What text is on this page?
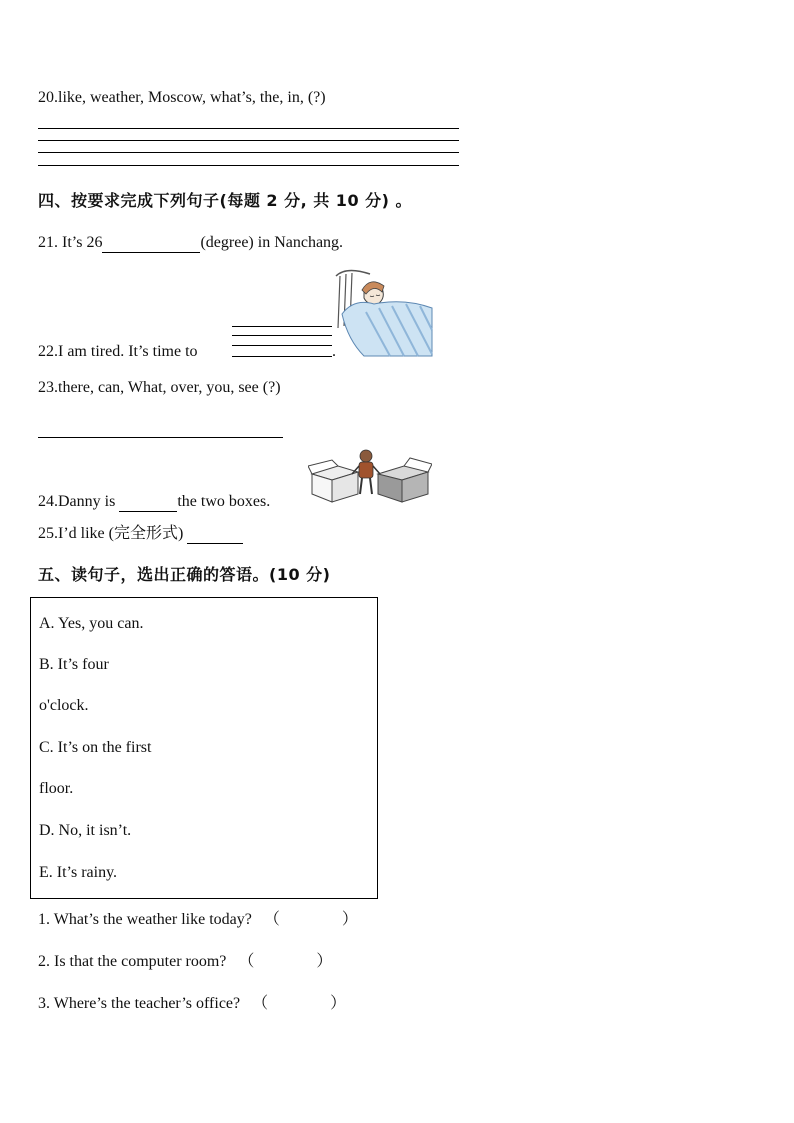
20.like, weather, Moscow, what’s, the, in, (?)
四、按要求完成下列句子(每题 2 分, 共 10 分) 。
21. It’s 26	(degree) in Nanchang.
22.I am tired. It’s time to	.
23.there, can, What, over, you, see (?)
24.Danny is	the two boxes.
25.I’d like (完全形式)
五、读句子，选出正确的答语。(10 分)
A. Yes, you can.
B. It’s four
o'clock.
C. It’s on the first
floor.
D. No, it isn’t.
E. It’s rainy.
1. What’s the weather like today? （	）
2. Is that the computer room? （	）
3. Where’s the teacher’s office? （	）
